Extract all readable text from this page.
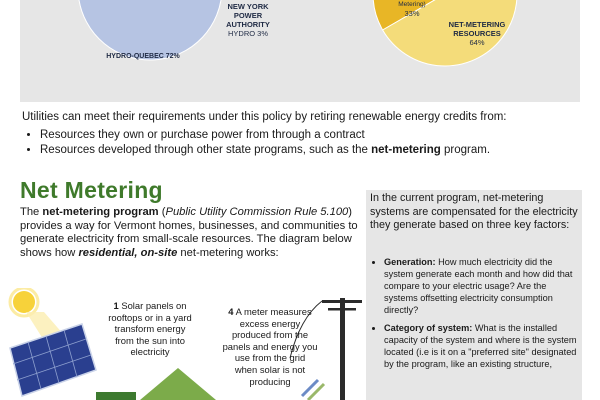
NEW YORK
POWER
AUTHORITY
HYDRO 3%
HYDRO-QUEBEC 72%
Metering)
33%
NET-METERING
RESOURCES
64%
Utilities can meet their requirements under this policy by retiring renewable energy credits from:
• Resources they own or purchase power from through a contract
• Resources developed through other state programs, such as the net-metering program.
Net Metering
The net-metering program (Public Utility Commission Rule 5.100) provides a way for Vermont homes, businesses, and communities to generate electricity from small-scale resources. The diagram below shows how residential, on-site net-metering works:
In the current program, net-metering systems are compensated for the electricity they generate based on three key factors:
• Generation: How much electricity did the system generate each month and how did that compare to your electric usage? Are the systems offsetting electricity consumption directly?
• Category of system: What is the installed capacity of the system and where is the system located (i.e is it on a "preferred site" designated by the program, like an existing structure,
1 Solar panels on
rooftops or in a yard
transform energy
from the sun into
electricity
4 A meter measures
excess energy
produced from the
panels and energy you
use from the grid
when solar is not
producing
